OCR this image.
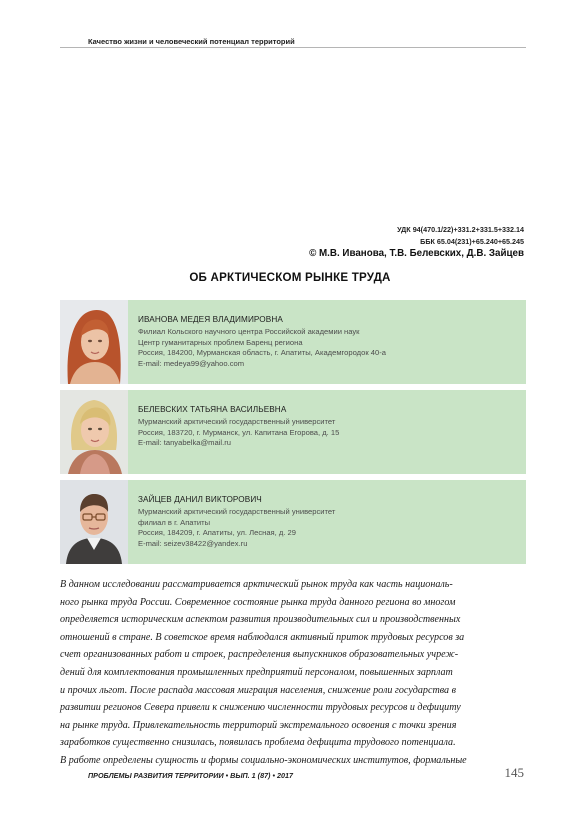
Качество жизни и человеческий потенциал территорий
УДК 94(470.1/22)+331.2+331.5+332.14
ББК 65.04(231)+65.240+65.245
© М.В. Иванова, Т.В. Белевских, Д.В. Зайцев
ОБ АРКТИЧЕСКОМ РЫНКЕ ТРУДА
ИВАНОВА МЕДЕЯ ВЛАДИМИРОВНА
Филиал Кольского научного центра Российской академии наук
Центр гуманитарных проблем Баренц региона
Россия, 184200, Мурманская область, г. Апатиты, Академгородок 40-а
E-mail: medeya99@yahoo.com
БЕЛЕВСКИХ ТАТЬЯНА ВАСИЛЬЕВНА
Мурманский арктический государственный университет
Россия, 183720, г. Мурманск, ул. Капитана Егорова, д. 15
E-mail: tanyabelka@mail.ru
ЗАЙЦЕВ ДАНИЛ ВИКТОРОВИЧ
Мурманский арктический государственный университет
филиал в г. Апатиты
Россия, 184209, г. Апатиты, ул. Лесная, д. 29
E-mail: seizev38422@yandex.ru
В данном исследовании рассматривается арктический рынок труда как часть националь-
ного рынка труда России. Современное состояние рынка труда данного региона во многом
определяется историческим аспектом развития производительных сил и производственных
отношений в стране. В советское время наблюдался активный приток трудовых ресурсов за
счет организованных работ и строек, распределения выпускников образовательных учреж-
дений для комплектования промышленных предприятий персоналом, повышенных зарплат
и прочих льгот. После распада массовая миграция населения, снижение роли государства в
развитии регионов Севера привели к снижению численности трудовых ресурсов и дефициту
на рынке труда. Привлекательность территорий экстремального освоения с точки зрения
заработков существенно снизилась, появилась проблема дефицита трудового потенциала.
В работе определены сущность и формы социально-экономических институтов, формальные
ПРОБЛЕМЫ РАЗВИТИЯ ТЕРРИТОРИИ • ВЫП. 1 (87) • 2017	145
